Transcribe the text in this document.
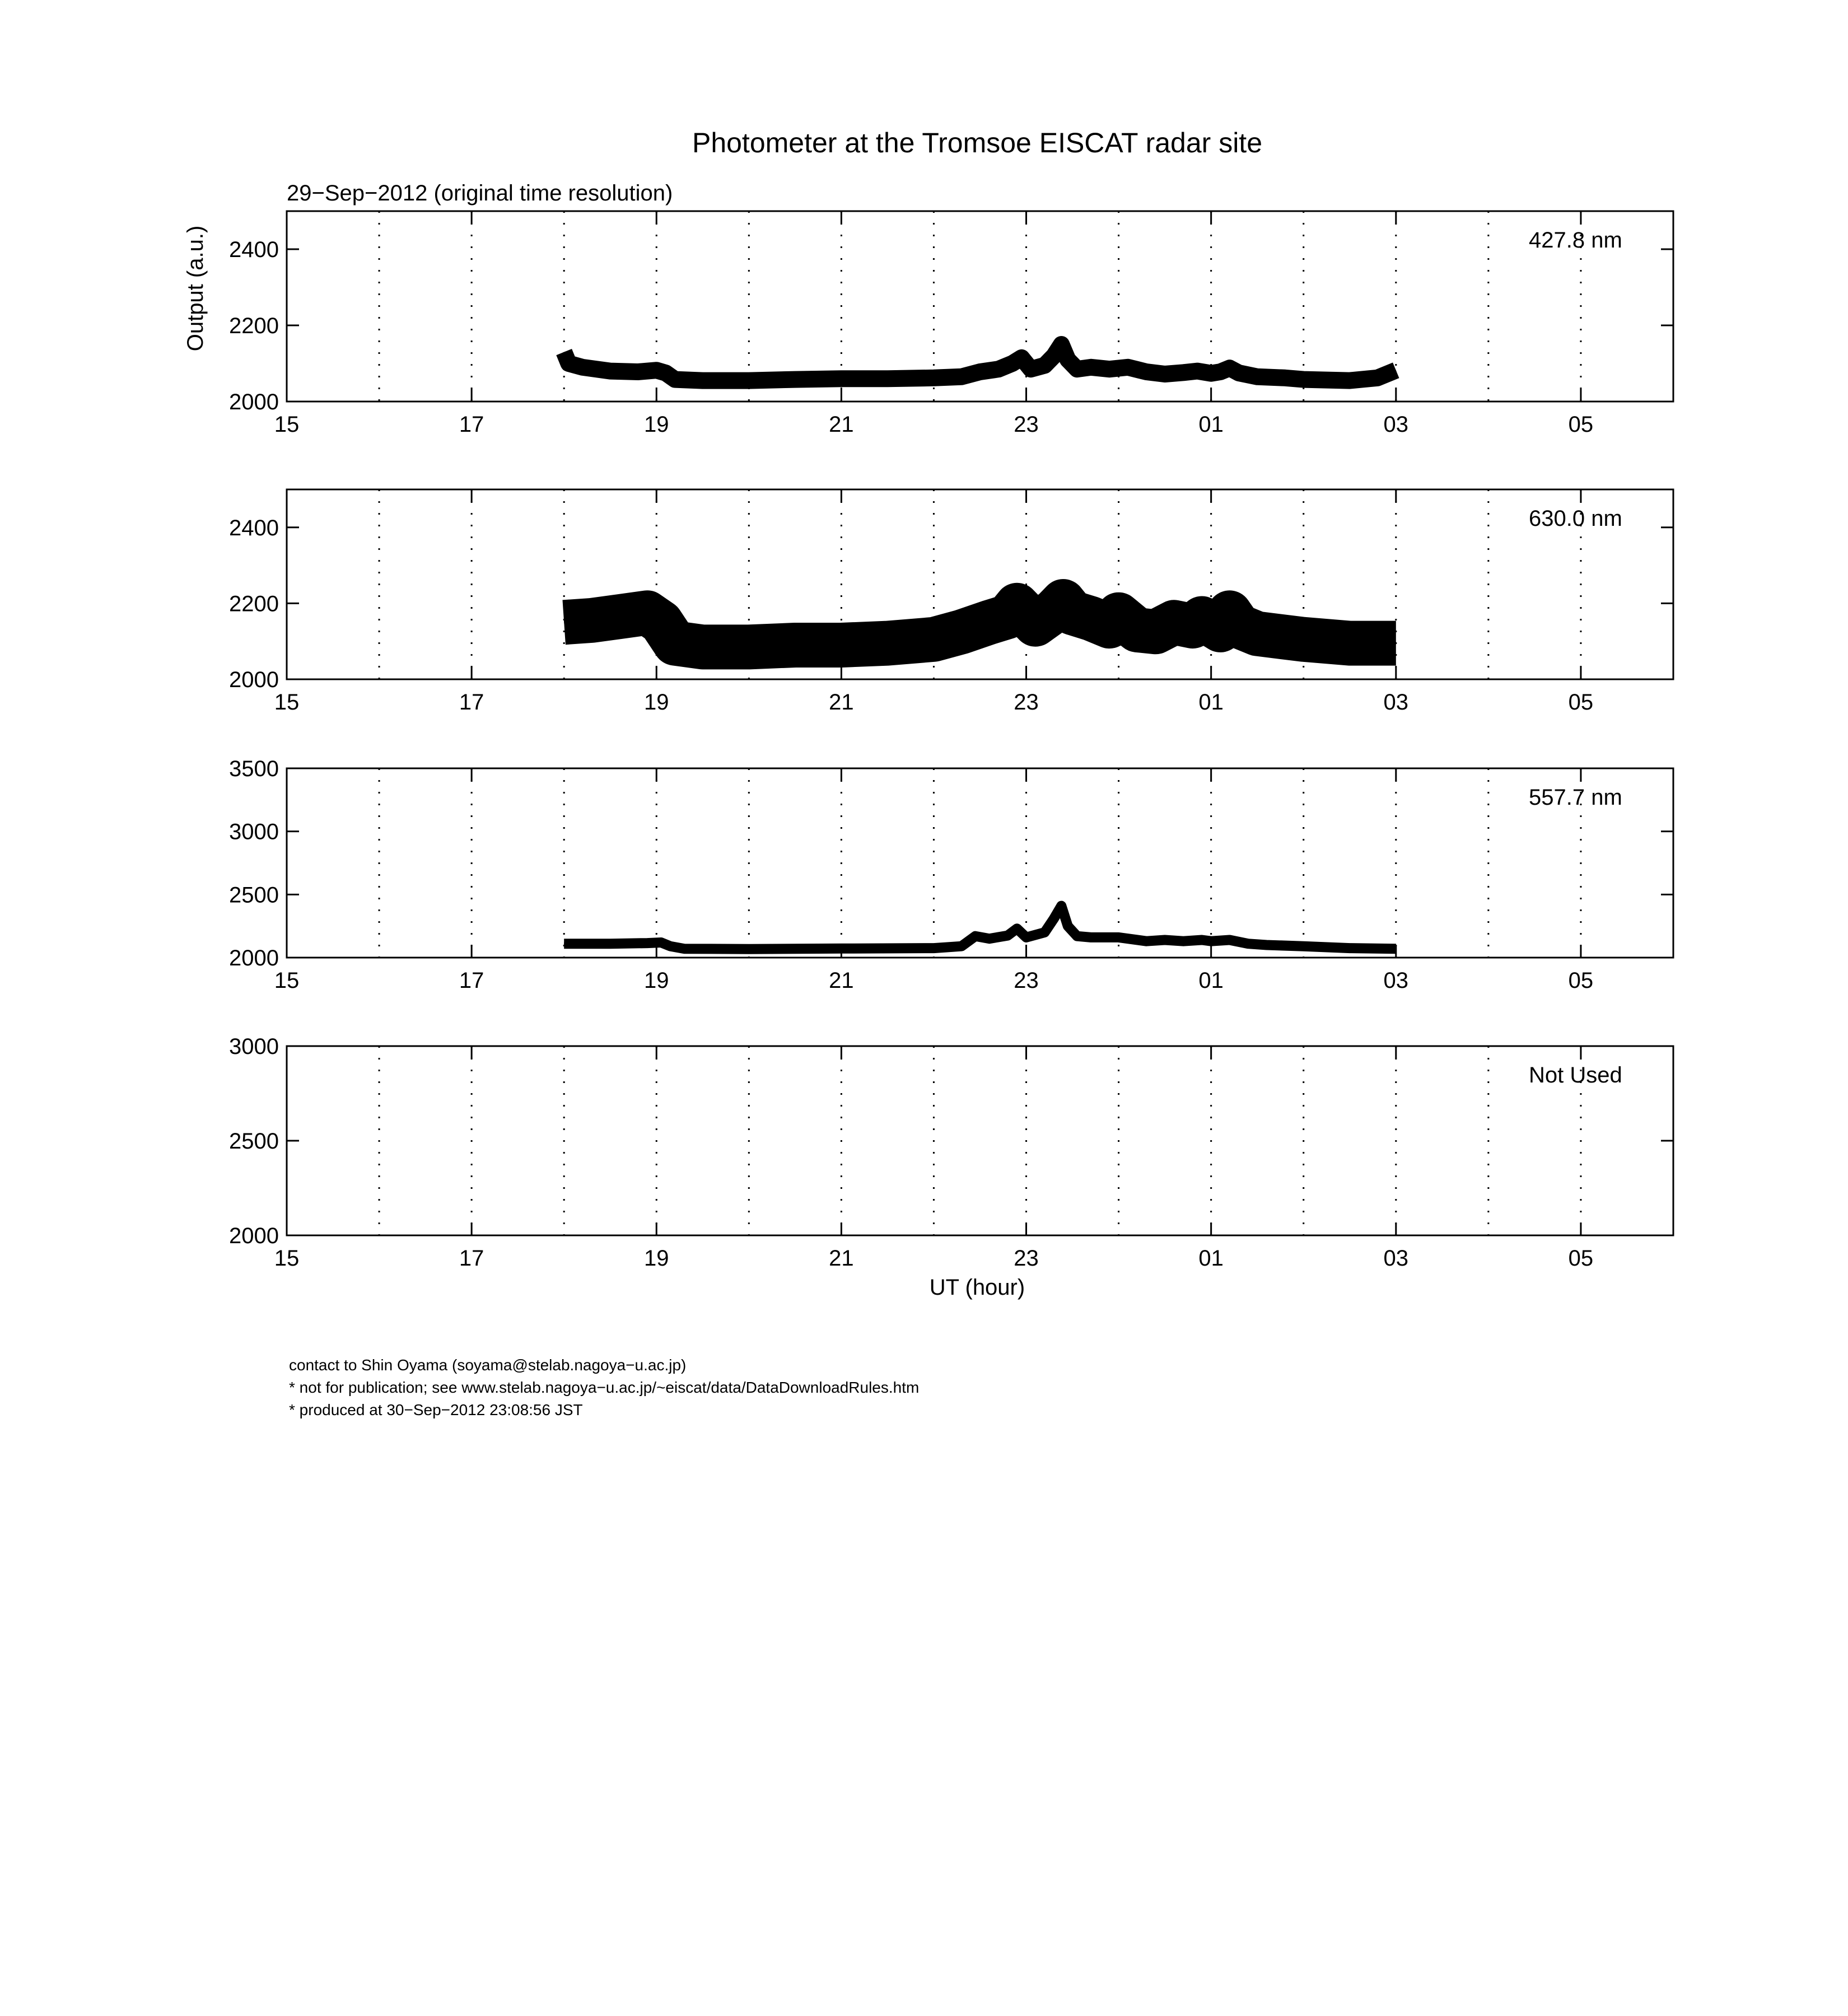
Photometer at the Tromsoe EISCAT radar site
29−Sep−2012 (original time resolution)
Output (a.u.)
UT (hour)
15	17	19	21	23	01	03	05
2000
2200
2400	427.8 nm
15	17	19	21	23	01	03	05
2000
2200
2400	630.0 nm
15	17	19	21	23	01	03	05
2000
2500
3000
3500
557.7 nm
15	17	19	21	23	01	03	05
2000
2500
3000
Not Used
contact to Shin Oyama (soyama@stelab.nagoya−u.ac.jp)
* not for publication; see www.stelab.nagoya−u.ac.jp/~eiscat/data/DataDownloadRules.htm
* produced at 30−Sep−2012 23:08:56 JST
